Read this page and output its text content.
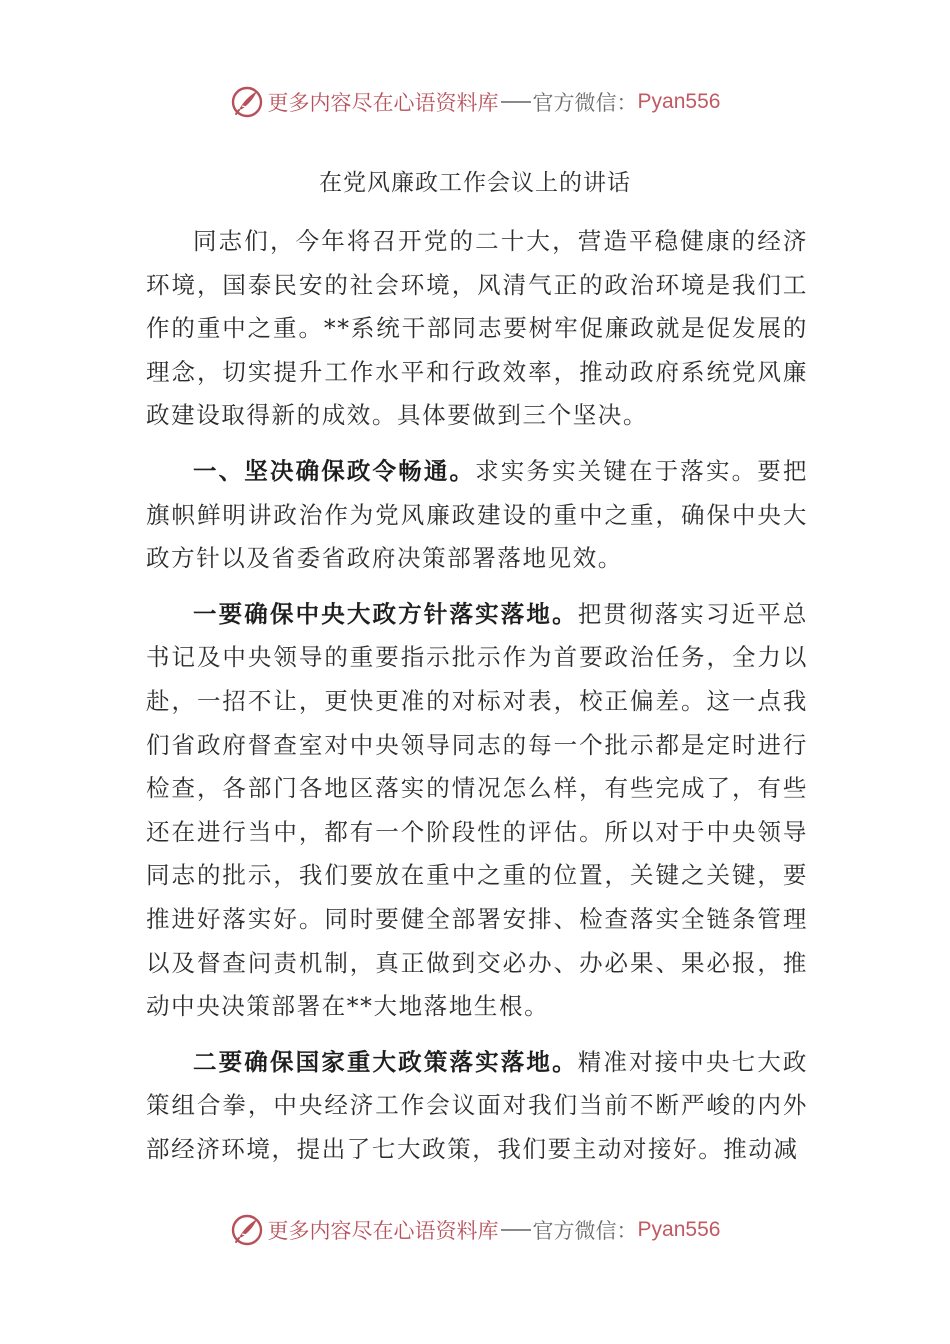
更多内容尽在心语资料库 官方微信： Pyan556
在党风廉政工作会议上的讲话

同志们，今年将召开党的二十大，营造平稳健康的经济环境，国泰民安的社会环境，风清气正的政治环境是我们工作的重中之重。**系统干部同志要树牢促廉政就是促发展的理念，切实提升工作水平和行政效率，推动政府系统党风廉政建设取得新的成效。具体要做到三个坚决。

一、坚决确保政令畅通。求实务实关键在于落实。要把旗帜鲜明讲政治作为党风廉政建设的重中之重，确保中央大政方针以及省委省政府决策部署落地见效。

一要确保中央大政方针落实落地。把贯彻落实习近平总书记及中央领导的重要指示批示作为首要政治任务，全力以赴，一招不让，更快更准的对标对表，校正偏差。这一点我们省政府督查室对中央领导同志的每一个批示都是定时进行检查，各部门各地区落实的情况怎么样，有些完成了，有些还在进行当中，都有一个阶段性的评估。所以对于中央领导同志的批示，我们要放在重中之重的位置，关键之关键，要推进好落实好。同时要健全部署安排、检查落实全链条管理以及督查问责机制，真正做到交必办、办必果、果必报，推动中央决策部署在**大地落地生根。

二要确保国家重大政策落实落地。精准对接中央七大政策组合拳，中央经济工作会议面对我们当前不断严峻的内外部经济环境，提出了七大政策，我们要主动对接好。推动减

更多内容尽在心语资料库 官方微信： Pyan556
